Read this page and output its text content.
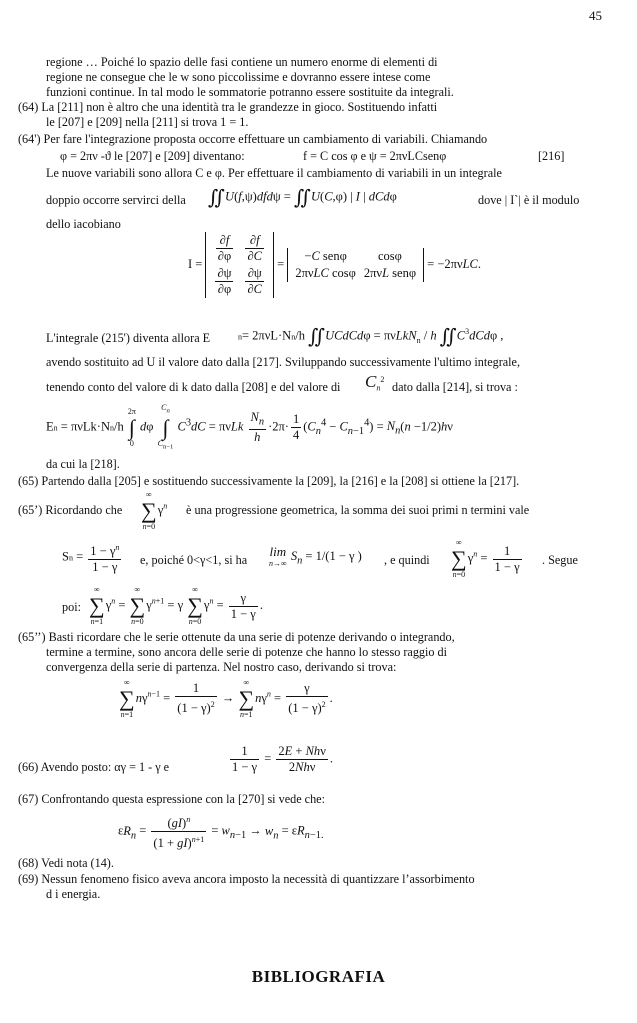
45
regione … Poiché lo spazio delle fasi contiene un numero enorme di elementi di
regione ne consegue che le w sono piccolissime e dovranno essere intese come
funzioni continue. In tal modo le sommatorie potranno essere sostituite da integrali.
(64) La [211] non è altro che una identità tra le grandezze in gioco. Sostituendo infatti
le [207] e [209] nella [211] si trova 1 = 1.
(64') Per fare l'integrazione proposta occorre effettuare un cambiamento di variabili. Chiamando
φ = 2πν -ϑ le [207] e [209] diventano:	f = C cos φ e ψ = 2πνLCsenφ	[216]
Le nuove variabili sono allora C e φ. Per effettuare il cambiamento di variabili in un integrale
doppio occorre servirci della ∬U(f,ψ)dfdψ = ∬U(C,φ) | I | dCdφ	dove | I`| è il modulo
dello iacobiano
$I = \frac{\partial f}{\partial\varphi}$	$\frac{\partial f}{\partial C}$

$\frac{\partial\psi}{\partial\varphi}$	$\frac{\partial\psi}{\partial C}$
=
−C senφ	cosφ
2πνLC cosφ	2πνL senφ
= −2πνLC.
L'integrale (215') diventa allora E	n= 2πνL·Nn/h ∬UCdCdφ = πνLkN$_n$ / h $∬C^3dCd\varphi$ ,
avendo sostituito ad U il valore dato dalla [217]. Sviluppando successivamente l'ultimo integrale,
tenendo conto del valore di k dato dalla [208] e del valore di $C_n^2$
dato dalla [214], si trova :
En = πνLk·Nn/h
2π
∫
0
dφ
$C_n$
∫
$C_{n-1}$
$C^3dC = \pi\nu Lk \frac{N_n}{h} \cdot 2\pi\cdot \frac{1}{4} (C_n^4 - C_{n-1}^4) = N_n(n -1/2)h\nu$
da cui la [218].
(65) Partendo dalla [205] e sostituendo successivamente la [209], la [216] e la [208] si ottiene la [217].
(65’) Ricordando che
∞
∑
n=0
$\gamma^n$ è una progressione geometrica, la somma dei suoi primi n termini vale
$Sn = \frac{1 - \gamma^n}{1 - \gamma} e$, poiché 0<γ<1, si ha
lim
n→∞
$S_n = 1/(1 - \gamma$ ) , e quindi
∞
∑
n=0
$\gamma^n = \frac{1}{1 - \gamma}$ . Segue
poi:
∞
∑
n=1
$\gamma^n$ =
∞
∑
n=0
$\gamma^{n+1} = \gamma$
∞
∑
n=0
$\gamma^n = \frac{\gamma}{1 - \gamma}$ .
(65’’) Basti ricordare che le serie ottenute da una serie di potenze derivando o integrando,
termine a termine, sono ancora delle serie di potenze che hanno lo stesso raggio di
convergenza della serie di partenza. Nel nostro caso, derivando si trova:
∞
∑
n=1
$n\gamma^{n-1} = \frac{1}{(1 - \gamma)^2}$ →
∞
∑
n=1
$n\gamma^n = \frac{\gamma}{(1 - \gamma)^2}$ .
(66) Avendo posto: αγ = 1 - γ e	$\frac{1}{1 - \gamma} = \frac{\text{2E + Nhν}}{\text{2Nhν}}$ .
(67) Confrontando questa espressione con la [270] si vede che:
$\varepsilon R_n = \frac{(gI)^n}{(1 + gI)^{n+1}} = w_{n-1} \to w_n = \varepsilon R_{n-1.}$
(68) Vedi nota (14).
(69) Nessun fenomeno fisico aveva ancora imposto la necessità di quantizzare l’assorbimento
d i energia.
BIBLIOGRAFIA
